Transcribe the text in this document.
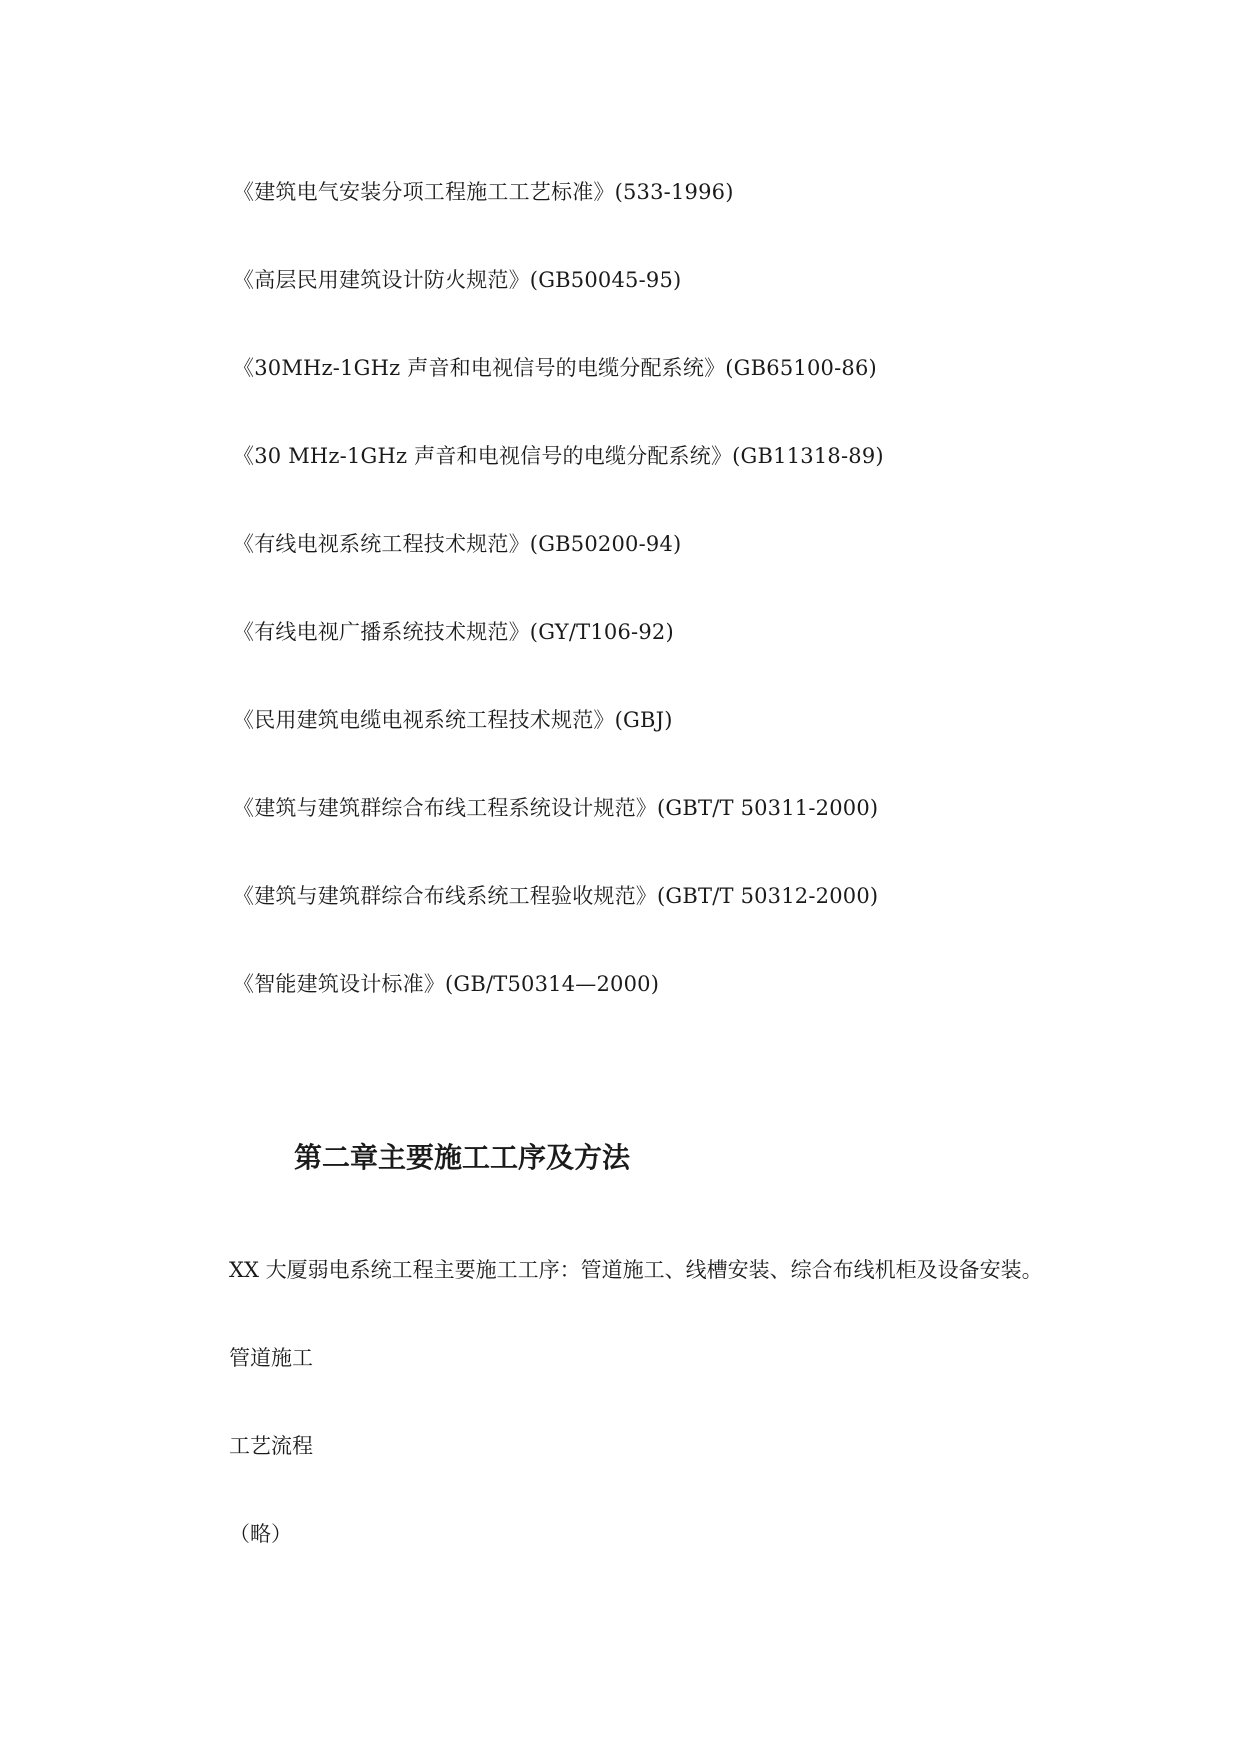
《建筑电气安装分项工程施工工艺标准》(533-1996)
《高层民用建筑设计防火规范》(GB50045-95)
《30MHz-1GHz 声音和电视信号的电缆分配系统》(GB65100-86)
《30 MHz-1GHz 声音和电视信号的电缆分配系统》(GB11318-89)
《有线电视系统工程技术规范》(GB50200-94)
《有线电视广播系统技术规范》(GY/T106-92)
《民用建筑电缆电视系统工程技术规范》(GBJ)
《建筑与建筑群综合布线工程系统设计规范》(GBT/T 50311-2000)
《建筑与建筑群综合布线系统工程验收规范》(GBT/T 50312-2000)
《智能建筑设计标准》(GB/T50314—2000)
第二章主要施工工序及方法

XX 大厦弱电系统工程主要施工工序：管道施工、线槽安装、综合布线机柜及设备安装。

管道施工

工艺流程

（略）
